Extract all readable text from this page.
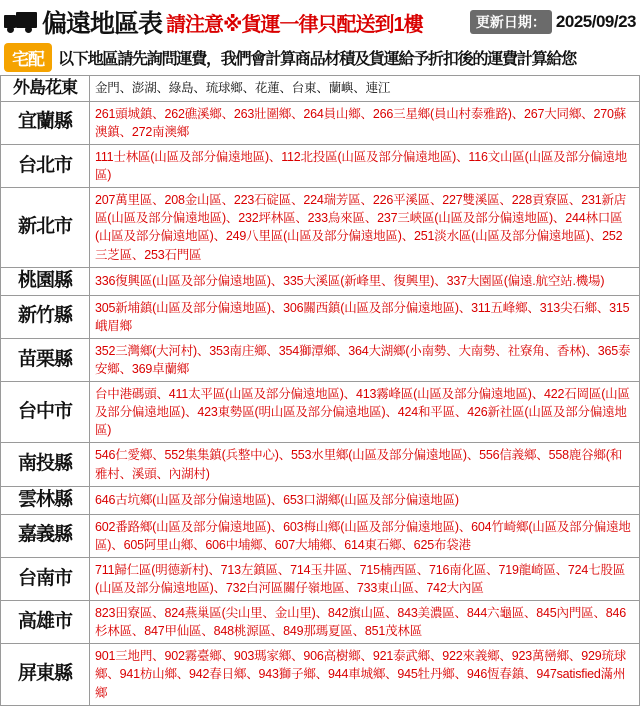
偏遠地區表 請注意※貨運一律只配送到1樓	更新日期： 2025/09/23
宅配 以下地區請先詢問運費，我們會計算商品材積及貨運給予折扣後的運費計算給您
外島花東	金門、澎湖、綠島、琉球鄉、花蓮、台東、蘭嶼、連江
宜蘭縣	261頭城鎮、262礁溪鄉、263壯圍鄉、264員山鄉、266三星鄉(員山村泰雅路)、267大同鄉、270蘇澳鎮、272南澳鄉
台北市	111士林區(山區及部分偏遠地區)、112北投區(山區及部分偏遠地區)、116文山區(山區及部分偏遠地區)
新北市	207萬里區、208金山區、223石碇區、224瑞芳區、226平溪區、227雙溪區、228貢寮區、231新店區(山區及部分偏遠地區)、232坪林區、233烏來區、237三峽區(山區及部分偏遠地區)、244林口區(山區及部分偏遠地區)、249八里區(山區及部分偏遠地區)、251淡水區(山區及部分偏遠地區)、252三芝區、253石門區
桃園縣	336復興區(山區及部分偏遠地區)、335大溪區(新峰里、復興里)、337大園區(偏遠.航空站.機場)
新竹縣	305新埔鎮(山區及部分偏遠地區)、306關西鎮(山區及部分偏遠地區)、311五峰鄉、313尖石鄉、315峨眉鄉
苗栗縣	352三灣鄉(大河村)、353南庄鄉、354獅潭鄉、364大湖鄉(小南勢、大南勢、社寮角、香林)、365泰安鄉、369卓蘭鄉
台中市	台中港碼頭、411太平區(山區及部分偏遠地區)、413霧峰區(山區及部分偏遠地區)、422石岡區(山區及部分偏遠地區)、423東勢區(明山區及部分偏遠地區)、424和平區、426新社區(山區及部分偏遠地區)
南投縣	546仁愛鄉、552集集鎮(兵整中心)、553水里鄉(山區及部分偏遠地區)、556信義鄉、558鹿谷鄉(和雅村、溪頭、內湖村)
雲林縣	646古坑鄉(山區及部分偏遠地區)、653口湖鄉(山區及部分偏遠地區)
嘉義縣	602番路鄉(山區及部分偏遠地區)、603梅山鄉(山區及部分偏遠地區)、604竹崎鄉(山區及部分偏遠地區)、605阿里山鄉、606中埔鄉、607大埔鄉、614東石鄉、625布袋港
台南市	711歸仁區(明德新村)、713左鎮區、714玉井區、715楠西區、716南化區、719龍崎區、724七股區(山區及部分偏遠地區)、732白河區關仔嶺地區、733東山區、742大內區
高雄市	823田寮區、824燕巢區(尖山里、金山里)、842旗山區、843美濃區、844六龜區、845內門區、846杉林區、847甲仙區、848桃源區、849那瑪夏區、851茂林區
屏東縣	901三地門、902霧臺鄉、903瑪家鄉、906高樹鄉、921泰武鄉、922來義鄉、923萬巒鄉、929琉球鄉、941枋山鄉、942春日鄉、943獅子鄉、944車城鄉、945牡丹鄉、946恆春鎮、947satisfied滿州鄉
